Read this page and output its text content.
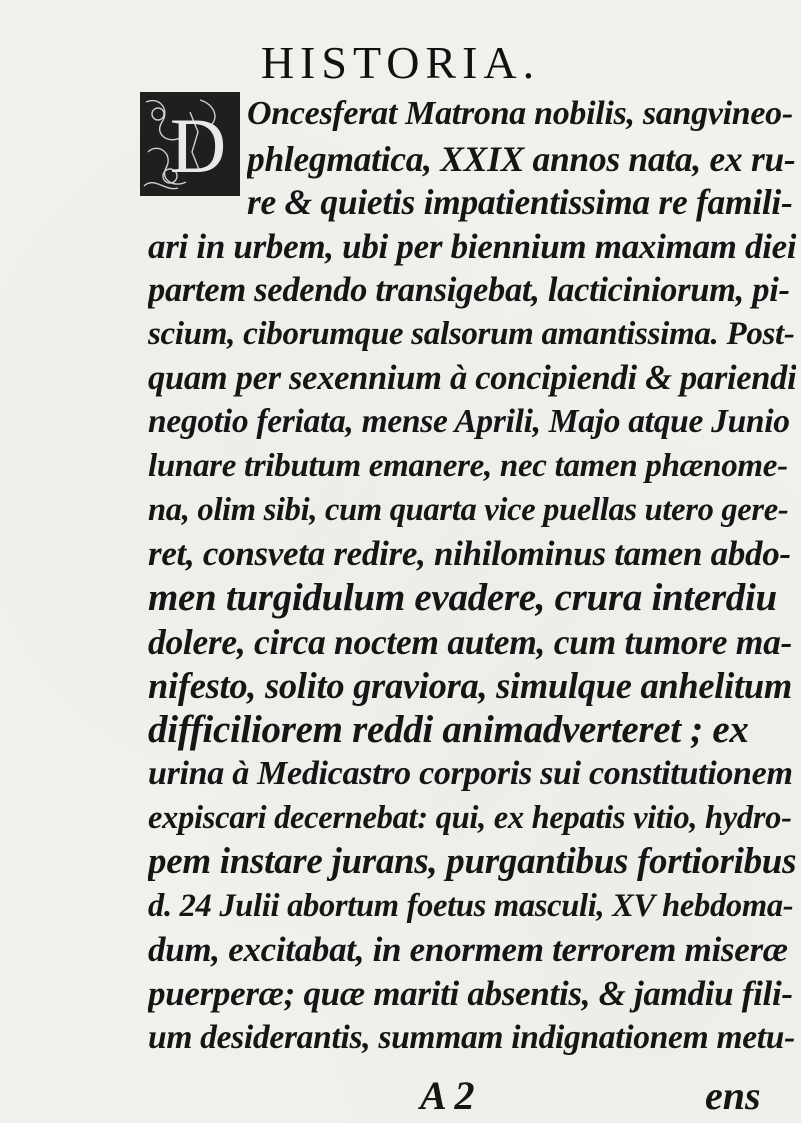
HISTORIA.
D Oncesferat Matrona nobilis, sangvineo-
phlegmatica, XXIX annos nata, ex ru-
re & quietis impatientissima re famili-
ari in urbem, ubi per biennium maximam diei
partem sedendo transigebat, lacticiniorum, pi-
scium, ciborumque salsorum amantissima. Post-
quam per sexennium à concipiendi & pariendi
negotio feriata, mense Aprili, Majo atque Junio
lunare tributum emanere, nec tamen phænome-
na, olim sibi, cum quarta vice puellas utero gere-
ret, consveta redire, nihilominus tamen abdo-
men turgidulum evadere, crura interdiu
dolere, circa noctem autem, cum tumore ma-
nifesto, solito graviora, simulque anhelitum
difficiliorem reddi animadverteret ; ex
urina à Medicastro corporis sui constitutionem
expiscari decernebat: qui, ex hepatis vitio, hydro-
pem instare jurans, purgantibus fortioribus
d. 24 Julii abortum foetus masculi, XV hebdoma-
dum, excitabat, in enormem terrorem miseræ
puerperæ; quæ mariti absentis, & jamdiu fili-
um desiderantis, summam indignationem metu-
A 2	ens
